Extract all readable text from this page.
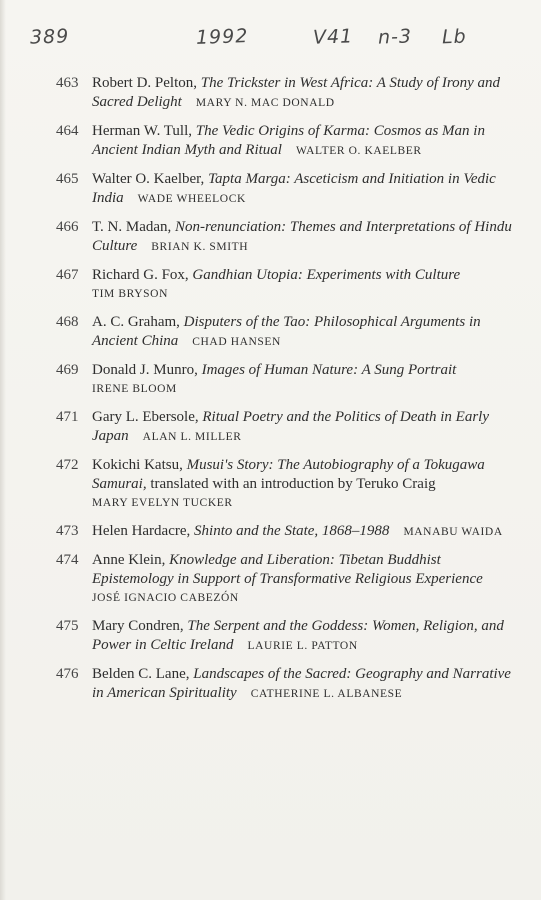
389	1992	V41 n-3 Lb
463 Robert D. Pelton, The Trickster in West Africa: A Study of Irony and Sacred Delight MARY N. MAC DONALD
464 Herman W. Tull, The Vedic Origins of Karma: Cosmos as Man in Ancient Indian Myth and Ritual WALTER O. KAELBER
465 Walter O. Kaelber, Tapta Marga: Asceticism and Initiation in Vedic India WADE WHEELOCK
466 T. N. Madan, Non-renunciation: Themes and Interpretations of Hindu Culture BRIAN K. SMITH
467 Richard G. Fox, Gandhian Utopia: Experiments with Culture
TIM BRYSON
468 A. C. Graham, Disputers of the Tao: Philosophical Arguments in Ancient China CHAD HANSEN
469 Donald J. Munro, Images of Human Nature: A Sung Portrait
IRENE BLOOM
471 Gary L. Ebersole, Ritual Poetry and the Politics of Death in Early Japan ALAN L. MILLER
472 Kokichi Katsu, Musui's Story: The Autobiography of a Tokugawa Samurai, translated with an introduction by Teruko Craig
MARY EVELYN TUCKER
473 Helen Hardacre, Shinto and the State, 1868–1988 MANABU WAIDA
474 Anne Klein, Knowledge and Liberation: Tibetan Buddhist Epistemology in Support of Transformative Religious Experience
JOSÉ IGNACIO CABEZÓN
475 Mary Condren, The Serpent and the Goddess: Women, Religion, and Power in Celtic Ireland LAURIE L. PATTON
476 Belden C. Lane, Landscapes of the Sacred: Geography and Narrative in American Spirituality CATHERINE L. ALBANESE
